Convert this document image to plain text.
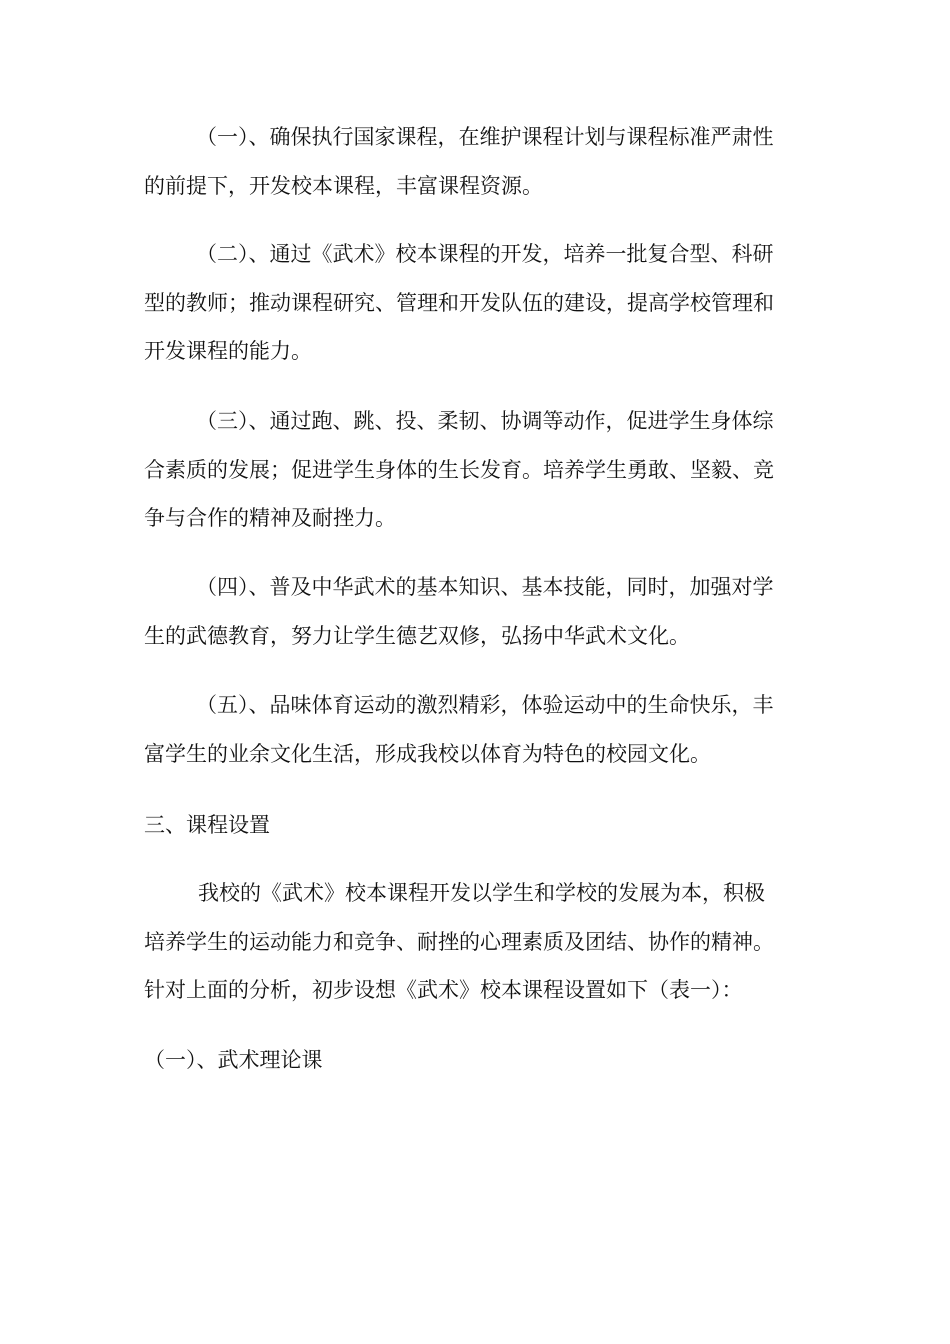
（一）、确保执行国家课程，在维护课程计划与课程标准严肃性
的前提下，开发校本课程，丰富课程资源。
（二）、通过《武术》校本课程的开发，培养一批复合型、科研
型的教师；推动课程研究、管理和开发队伍的建设，提高学校管理和
开发课程的能力。
（三）、通过跑、跳、投、柔韧、协调等动作，促进学生身体综
合素质的发展；促进学生身体的生长发育。培养学生勇敢、坚毅、竞
争与合作的精神及耐挫力。
（四）、普及中华武术的基本知识、基本技能，同时，加强对学
生的武德教育，努力让学生德艺双修，弘扬中华武术文化。
（五）、品味体育运动的激烈精彩，体验运动中的生命快乐，丰
富学生的业余文化生活，形成我校以体育为特色的校园文化。
三、课程设置
我校的《武术》校本课程开发以学生和学校的发展为本，积极
培养学生的运动能力和竞争、耐挫的心理素质及团结、协作的精神。
针对上面的分析，初步设想《武术》校本课程设置如下（表一）：
（一）、武术理论课
